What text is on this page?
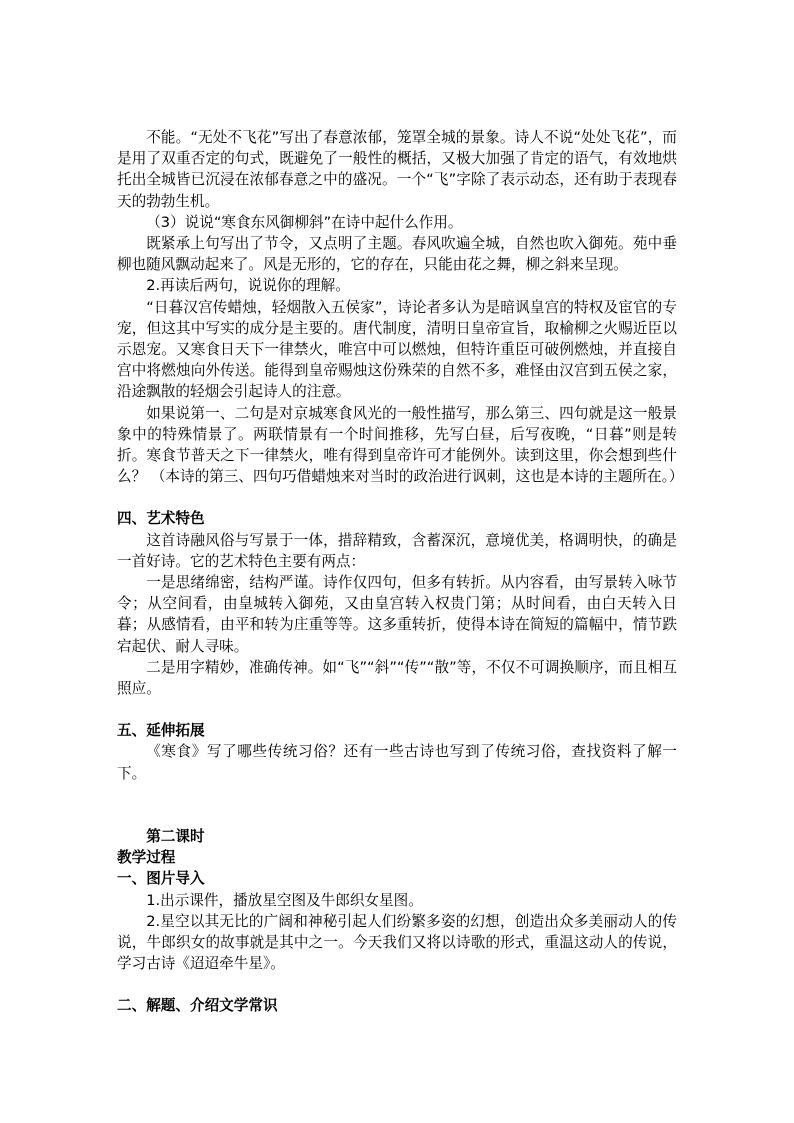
不能。“无处不飞花”写出了春意浓郁，笼罩全城的景象。诗人不说“处处飞花”，而是用了双重否定的句式，既避免了一般性的概括，又极大加强了肯定的语气，有效地烘托出全城皆已沉浸在浓郁春意之中的盛况。一个“飞”字除了表示动态，还有助于表现春天的勃勃生机。

（3）说说“寒食东风御柳斜”在诗中起什么作用。

既紧承上句写出了节令，又点明了主题。春风吹遍全城，自然也吹入御苑。苑中垂柳也随风飘动起来了。风是无形的，它的存在，只能由花之舞，柳之斜来呈现。

2.再读后两句，说说你的理解。

“日暮汉宫传蜡烛，轻烟散入五侯家”，诗论者多认为是暗讽皇宫的特权及宦官的专宠，但这其中写实的成分是主要的。唐代制度，清明日皇帝宣旨，取榆柳之火赐近臣以示恩宠。又寒食日天下一律禁火，唯宫中可以燃烛，但特许重臣可破例燃烛，并直接自宫中将燃烛向外传送。能得到皇帝赐烛这份殊荣的自然不多，难怪由汉宫到五侯之家，沿途飘散的轻烟会引起诗人的注意。

如果说第一、二句是对京城寒食风光的一般性描写，那么第三、四句就是这一般景象中的特殊情景了。两联情景有一个时间推移，先写白昼，后写夜晚，“日暮”则是转折。寒食节普天之下一律禁火，唯有得到皇帝许可才能例外。读到这里，你会想到些什么？ （本诗的第三、四句巧借蜡烛来对当时的政治进行讽刺，这也是本诗的主题所在。）

四、艺术特色

这首诗融风俗与写景于一体，措辞精致，含蓄深沉，意境优美，格调明快，的确是一首好诗。它的艺术特色主要有两点：

一是思绪绵密，结构严谨。诗作仅四句，但多有转折。从内容看，由写景转入咏节令；从空间看，由皇城转入御苑，又由皇宫转入权贵门第；从时间看，由白天转入日暮；从感情看，由平和转为庄重等等。这多重转折，使得本诗在简短的篇幅中，情节跌宕起伏、耐人寻味。

二是用字精妙，准确传神。如“飞”“斜”“传”“散”等，不仅不可调换顺序，而且相互照应。

五、延伸拓展

《寒食》写了哪些传统习俗？还有一些古诗也写到了传统习俗，查找资料了解一下。

第二课时

教学过程

一、图片导入

1.出示课件，播放星空图及牛郎织女星图。

2.星空以其无比的广阔和神秘引起人们纷繁多姿的幻想，创造出众多美丽动人的传说，牛郎织女的故事就是其中之一。今天我们又将以诗歌的形式，重温这动人的传说，学习古诗《迢迢牵牛星》。

二、解题、介绍文学常识
